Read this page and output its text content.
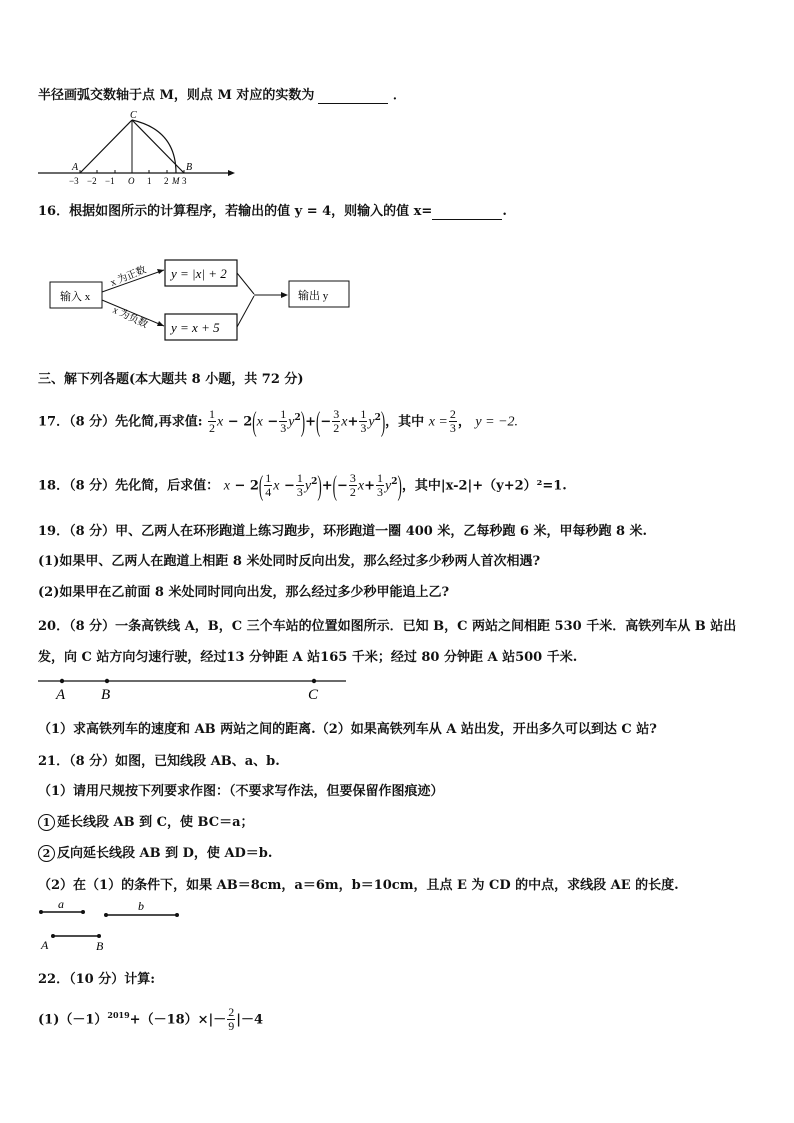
半径画弧交数轴于点 M，则点 M 对应的实数为	．
C
A	B
−3 −2 −1 O 1 2 M 3
16．根据如图所示的计算程序，若输出的值 y = 4，则输入的值 x=	.
输入 x
x 为正数
x 为负数
y = |x| + 2
y = x + 5
输出 y
三、解下列各题(本大题共 8 小题，共 72 分)
17．（8 分）先化简,再求值: $\frac{1}{2}$ $x - 2(x - \frac{1}{3} y^2)+(- \frac{3}{2} x+ \frac{1}{3} y^2)$，其中 $x = \frac{2}{3}$ ， y = −2.
18．（8 分）先化简，后求值： $x - 2( \frac{1}{4}$ $x - \frac{1}{3} y^2)+(- \frac{3}{2} x+ \frac{1}{3} y^2)$，其中|x-2|+（y+2）²=1.
19．（8 分）甲、乙两人在环形跑道上练习跑步，环形跑道一圈 400 米，乙每秒跑 6 米，甲每秒跑 8 米.
(1)如果甲、乙两人在跑道上相距 8 米处同时反向出发，那么经过多少秒两人首次相遇?
(2)如果甲在乙前面 8 米处同时同向出发，那么经过多少秒甲能追上乙?
20．（8 分）一条高铁线 A，B，C 三个车站的位置如图所示．已知 B，C 两站之间相距 530 千米．高铁列车从 B 站出
发，向 C 站方向匀速行驶，经过13 分钟距 A 站165 千米；经过 80 分钟距 A 站500 千米.
A B	C
（1）求高铁列车的速度和 AB 两站之间的距离.（2）如果高铁列车从 A 站出发，开出多久可以到达 C 站?
21．（8 分）如图，已知线段 AB、a、b.
（1）请用尺规按下列要求作图：（不要求写作法，但要保留作图痕迹）
1 延长线段 AB 到 C，使 BC＝a；
2 反向延长线段 AB 到 D，使 AD＝b.
（2）在（1）的条件下，如果 AB＝8cm，a＝6m，b＝10cm，且点 E 为 CD 的中点，求线段 AE 的长度.
a	b
A	B
22．（10 分）计算:
$(1)(-1)^{2019}+(-18)\times|- \frac{2}{9} |-4$
